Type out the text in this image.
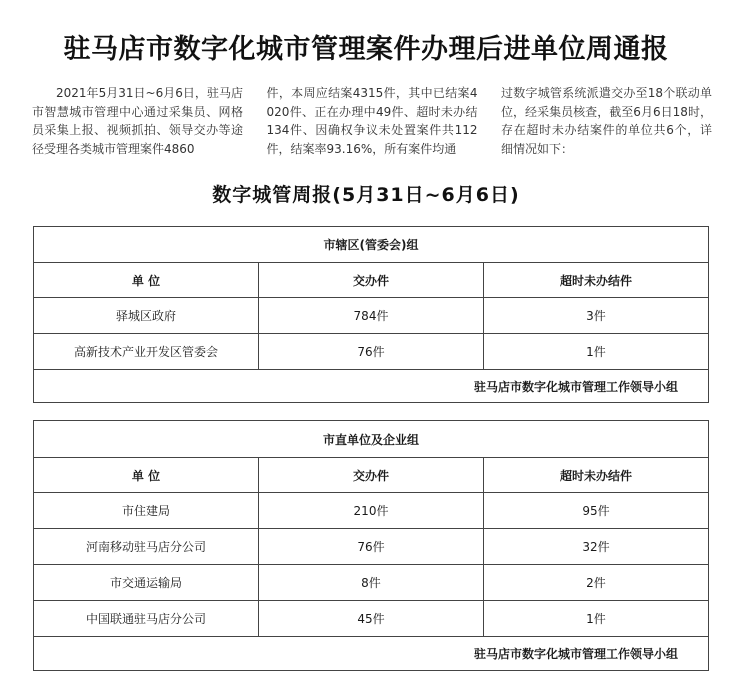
驻马店市数字化城市管理案件办理后进单位周通报
2021年5月31日~6月6日，驻马店市智慧城市管理中心通过采集员、网格员采集上报、视频抓拍、领导交办等途径受理各类城市管理案件4860
件，本周应结案4315件，其中已结案4020件、正在办理中49件、超时未办结134件、因确权争议未处置案件共112件，结案率93.16%，所有案件均通
过数字城管系统派遣交办至18个联动单位，经采集员核查，截至6月6日18时，存在超时未办结案件的单位共6个，详细情况如下：
数字城管周报(5月31日~6月6日)
市辖区(管委会)组		
单 位	交办件	超时未办结件
驿城区政府	784件	3件
高新技术产业开发区管委会	76件	1件
驻马店市数字化城市管理工作领导小组		
市直单位及企业组		
单 位	交办件	超时未办结件
市住建局	210件	95件
河南移动驻马店分公司	76件	32件
市交通运输局	8件	2件
中国联通驻马店分公司	45件	1件
驻马店市数字化城市管理工作领导小组		
